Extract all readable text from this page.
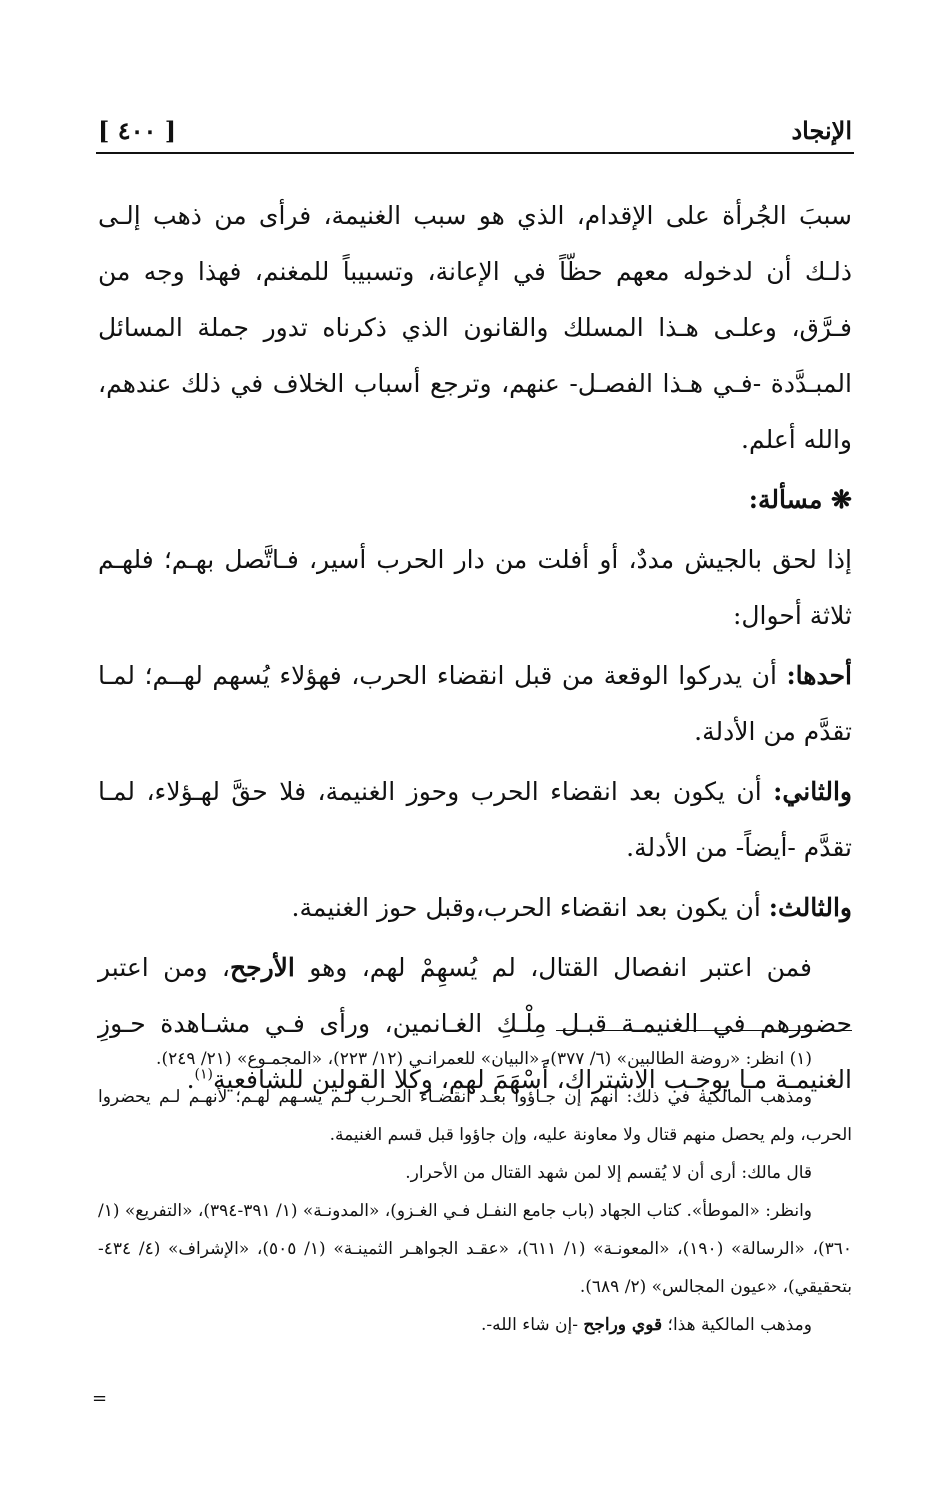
الإنجاد
[ ٤٠٠ ]

سببَ الجُرأة على الإقدام، الذي هو سبب الغنيمة، فرأى من ذهب إلـى ذلـك أن لدخوله معهم حظّاً في الإعانة، وتسبيباً للمغنم، فهذا وجه من فـرَّق، وعلـى هـذا المسلك والقانون الذي ذكرناه تدور جملة المسائل المبـدَّدة -فـي هـذا الفصـل- عنهم، وترجع أسباب الخلاف في ذلك عندهم، والله أعلم.

❋ مسألة:

إذا لحق بالجيش مددٌ، أو أفلت من دار الحرب أسير، فـاتَّصل بهـم؛ فلهـم ثلاثة أحوال:

أحدها: أن يدركوا الوقعة من قبل انقضاء الحرب، فهؤلاء يُسهم لهــم؛ لمـا تقدَّم من الأدلة.

والثاني: أن يكون بعد انقضاء الحرب وحوز الغنيمة، فلا حقَّ لهـؤلاء، لمـا تقدَّم -أيضاً- من الأدلة.

والثالث: أن يكون بعد انقضاء الحرب،وقبل حوز الغنيمة.

فمن اعتبر انفصال القتال، لم يُسهِمْ لهم، وهو الأرجح، ومن اعتبر حضورهم في الغنيمـة قبـل مِلْـكِ الغـانمين، ورأى فـي مشـاهدة حـوزِ الغنيمـة مـا يوجـب الاشتراك، أَسْهَمَ لهم، وكلا القولين للشافعية$^{(١)}$.

(١) انظر: «روضة الطالبين» (٦/ ٣٧٧)، «البيان» للعمرانـي (١٢/ ٢٢٣)، «المجمـوع» (٢١/ ٢٤٩).

ومذهب المالكية في ذلك: أنهم إن جـاؤوا بعـد انقضـاء الحـرب لـم يسـهم لهـم؛ لأنهـم لـم يحضروا الحرب، ولم يحصل منهم قتال ولا معاونة عليه، وإن جاؤوا قبل قسم الغنيمة.

قال مالك: أرى أن لا يُقسم إلا لمن شهد القتال من الأحرار.

وانظر: «الموطأ». كتاب الجهاد (باب جامع النفـل فـي الغـزو)، «المدونـة» (١/ ٣٩١-٣٩٤)، «التفريع» (١/ ٣٦٠)، «الرسالة» (١٩٠)، «المعونـة» (١/ ٦١١)، «عقـد الجواهـر الثمينـة» (١/ ٥٠٥)، «الإشراف» (٤/ ٤٣٤- بتحقيقي)، «عيون المجالس» (٢/ ٦٨٩).

ومذهب المالكية هذا؛ قوي وراجح -إن شاء الله-.

=
